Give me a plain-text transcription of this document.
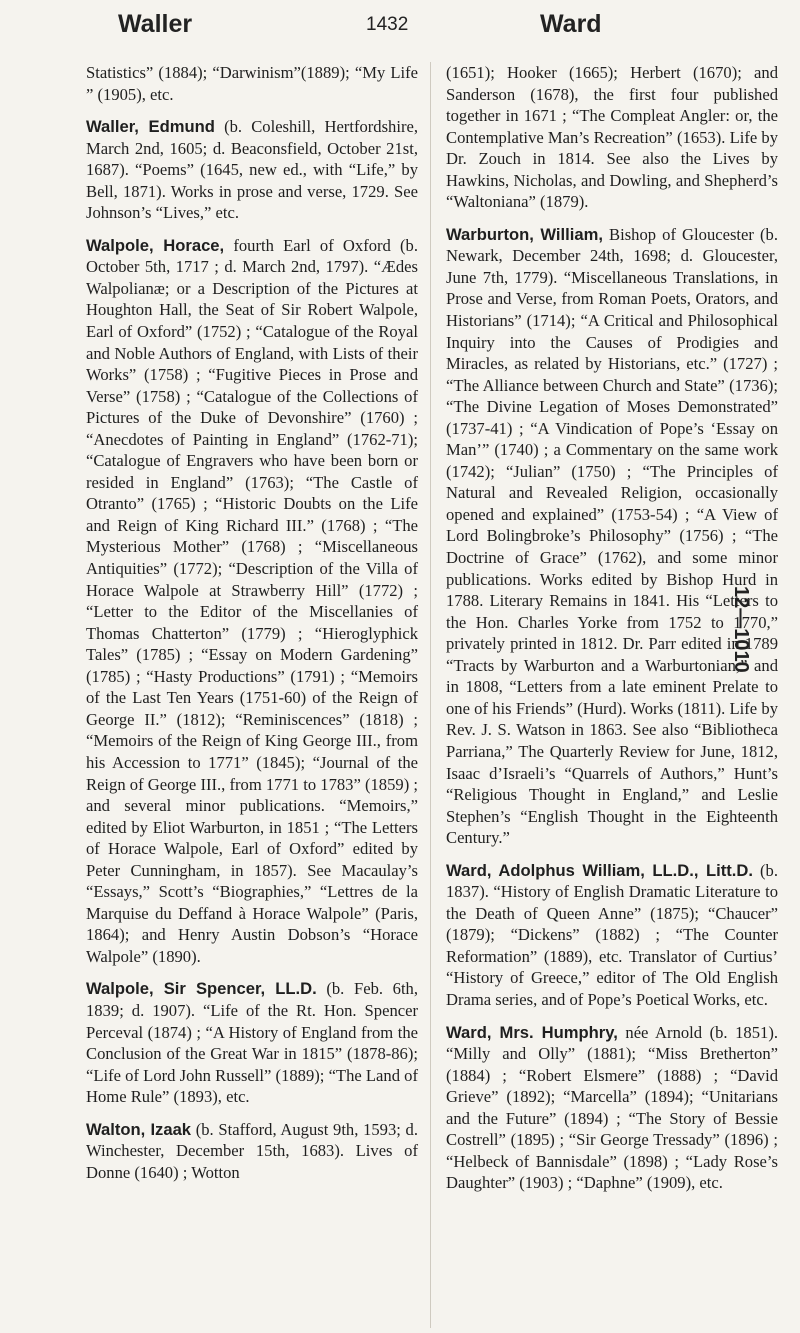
Waller	1432	Ward

Statistics” (1884); “Darwinism”(1889); “My Life ” (1905), etc.

Waller, Edmund (b. Coleshill, Hertfordshire, March 2nd, 1605; d. Beaconsfield, October 21st, 1687). “Poems” (1645, new ed., with “Life,” by Bell, 1871). Works in prose and verse, 1729. See Johnson’s “Lives,” etc.

Walpole, Horace, fourth Earl of Oxford (b. October 5th, 1717 ; d. March 2nd, 1797). “Ædes Walpolianæ; or a Description of the Pictures at Houghton Hall, the Seat of Sir Robert Walpole, Earl of Oxford” (1752) ; “Catalogue of the Royal and Noble Authors of England, with Lists of their Works” (1758) ; “Fugitive Pieces in Prose and Verse” (1758) ; “Catalogue of the Collections of Pictures of the Duke of Devonshire” (1760) ; “Anecdotes of Painting in England” (1762-71); “Catalogue of Engravers who have been born or resided in England” (1763); “The Castle of Otranto” (1765) ; “Historic Doubts on the Life and Reign of King Richard III.” (1768) ; “The Mysterious Mother” (1768) ; “Miscellaneous Antiquities” (1772); “Description of the Villa of Horace Walpole at Strawberry Hill” (1772) ; “Letter to the Editor of the Miscellanies of Thomas Chatterton” (1779) ; “Hieroglyphick Tales” (1785) ; “Essay on Modern Gardening” (1785) ; “Hasty Productions” (1791) ; “Memoirs of the Last Ten Years (1751-60) of the Reign of George II.” (1812); “Reminiscences” (1818) ; “Memoirs of the Reign of King George III., from his Accession to 1771” (1845); “Journal of the Reign of George III., from 1771 to 1783” (1859) ; and several minor publications. “Memoirs,” edited by Eliot Warburton, in 1851 ; “The Letters of Horace Walpole, Earl of Oxford” edited by Peter Cunningham, in 1857). See Macaulay’s “Essays,” Scott’s “Biographies,” “Lettres de la Marquise du Deffand à Horace Walpole” (Paris, 1864); and Henry Austin Dobson’s “Horace Walpole” (1890).

Walpole, Sir Spencer, LL.D. (b. Feb. 6th, 1839; d. 1907). “Life of the Rt. Hon. Spencer Perceval (1874) ; “A History of England from the Conclusion of the Great War in 1815” (1878-86); “Life of Lord John Russell” (1889); “The Land of Home Rule” (1893), etc.

Walton, Izaak (b. Stafford, August 9th, 1593; d. Winchester, December 15th, 1683). Lives of Donne (1640) ; Wotton

(1651); Hooker (1665); Herbert (1670); and Sanderson (1678), the first four published together in 1671 ; “The Compleat Angler: or, the Contemplative Man’s Recreation” (1653). Life by Dr. Zouch in 1814. See also the Lives by Hawkins, Nicholas, and Dowling, and Shepherd’s “Waltoniana” (1879).

Warburton, William, Bishop of Gloucester (b. Newark, December 24th, 1698; d. Gloucester, June 7th, 1779). “Miscellaneous Translations, in Prose and Verse, from Roman Poets, Orators, and Historians” (1714); “A Critical and Philosophical Inquiry into the Causes of Prodigies and Miracles, as related by Historians, etc.” (1727) ; “The Alliance between Church and State” (1736); “The Divine Legation of Moses Demonstrated” (1737-41) ; “A Vindication of Pope’s ‘Essay on Man’” (1740) ; a Commentary on the same work (1742); “Julian” (1750) ; “The Principles of Natural and Revealed Religion, occasionally opened and explained” (1753-54) ; “A View of Lord Bolingbroke’s Philosophy” (1756) ; “The Doctrine of Grace” (1762), and some minor publications. Works edited by Bishop Hurd in 1788. Literary Remains in 1841. His “Letters to the Hon. Charles Yorke from 1752 to 1770,” privately printed in 1812. Dr. Parr edited in 1789 “Tracts by Warburton and a Warburtonian,” and in 1808, “Letters from a late eminent Prelate to one of his Friends” (Hurd). Works (1811). Life by Rev. J. S. Watson in 1863. See also “Bibliotheca Parriana,” The Quarterly Review for June, 1812, Isaac d’Israeli’s “Quarrels of Authors,” Hunt’s “Religious Thought in England,” and Leslie Stephen’s “English Thought in the Eighteenth Century.”

Ward, Adolphus William, LL.D., Litt.D. (b. 1837). “History of English Dramatic Literature to the Death of Queen Anne” (1875); “Chaucer” (1879); “Dickens” (1882) ; “The Counter Reformation” (1889), etc. Translator of Curtius’ “History of Greece,” editor of The Old English Drama series, and of Pope’s Poetical Works, etc.

Ward, Mrs. Humphry, née Arnold (b. 1851). “Milly and Olly” (1881); “Miss Bretherton” (1884) ; “Robert Elsmere” (1888) ; “David Grieve” (1892); “Marcella” (1894); “Unitarians and the Future” (1894) ; “The Story of Bessie Costrell” (1895) ; “Sir George Tressady” (1896) ; “Helbeck of Bannisdale” (1898) ; “Lady Rose’s Daughter” (1903) ; “Daphne” (1909), etc.

12—1010
